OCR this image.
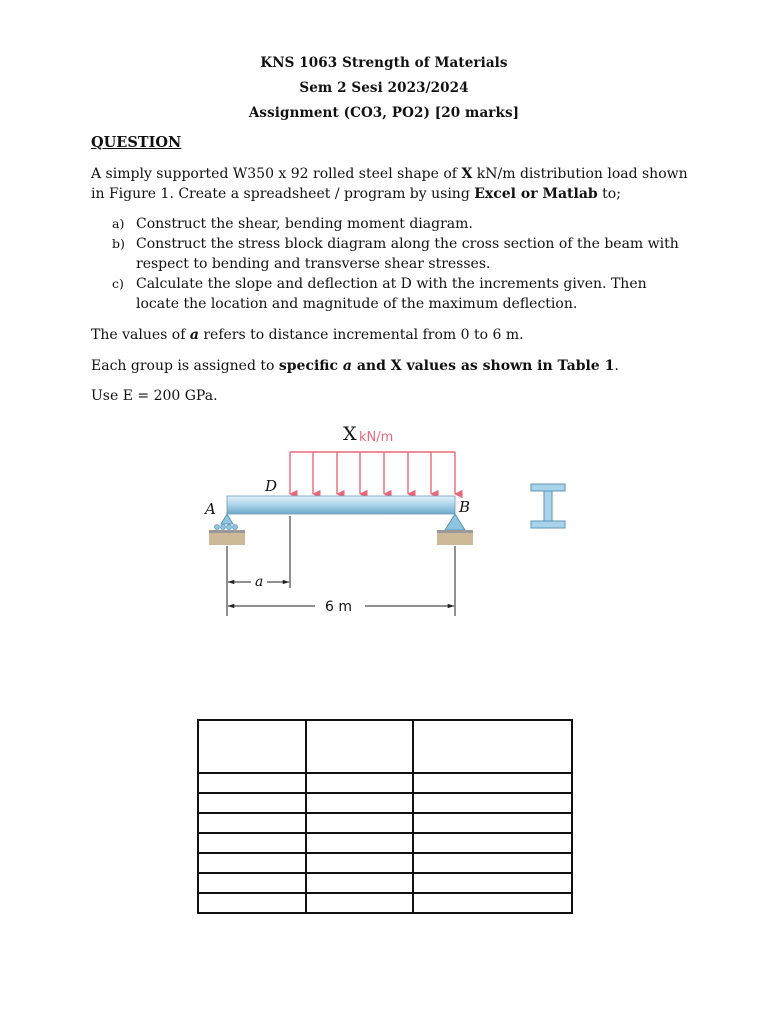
KNS 1063 Strength of Materials
Sem 2 Sesi 2023/2024
Assignment (CO3, PO2) [20 marks]
QUESTION
A simply supported W350 x 92 rolled steel shape of X kN/m distribution load shown
in Figure 1. Create a spreadsheet / program by using Excel or Matlab to;
a) Construct the shear, bending moment diagram.
b) Construct the stress block diagram along the cross section of the beam with
respect to bending and transverse shear stresses.
c) Calculate the slope and deflection at D with the increments given. Then
locate the location and magnitude of the maximum deflection.
The values of a refers to distance incremental from 0 to 6 m.
Each group is assigned to specific a and X values as shown in Table 1.
Use E = 200 GPa.
X kN/m
D
A	B
a
6 m
